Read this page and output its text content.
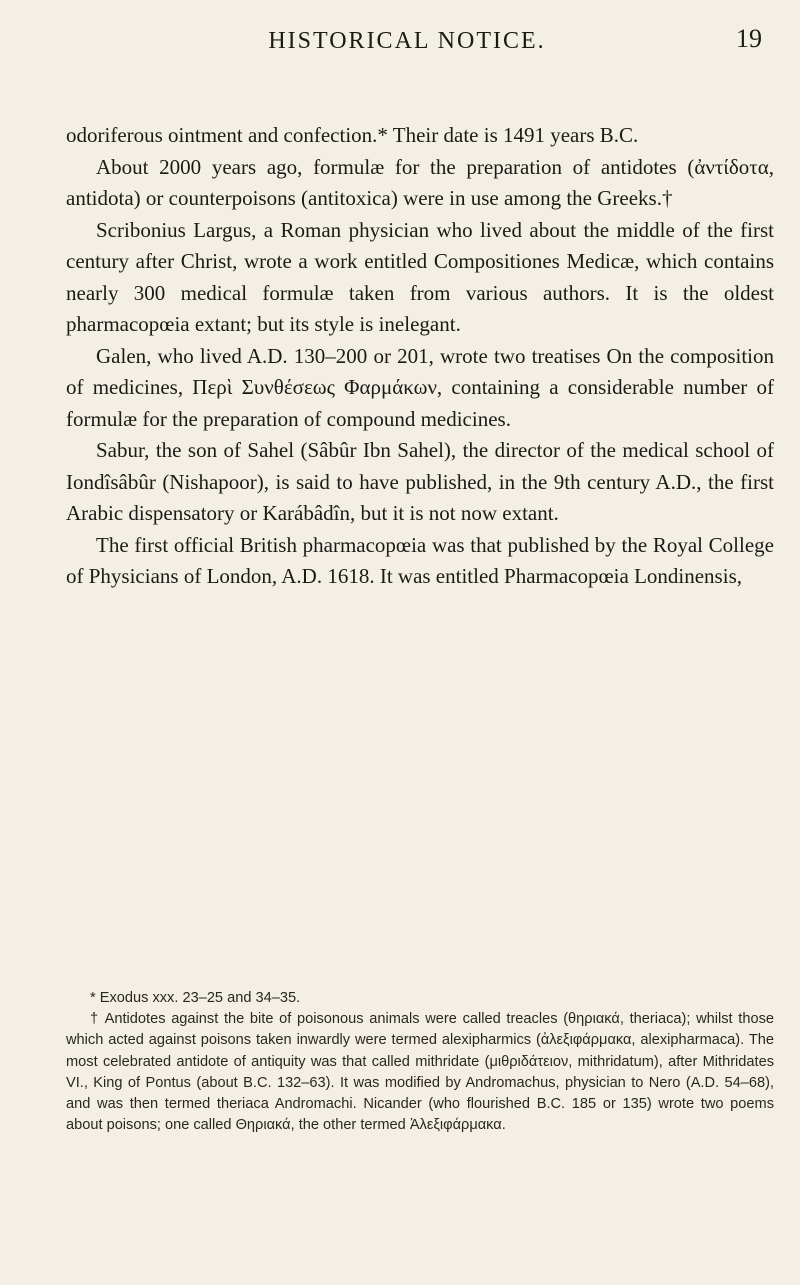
HISTORICAL NOTICE.	19

odoriferous ointment and confection.* Their date is 1491 years B.C.

About 2000 years ago, formulæ for the preparation of antidotes (ἀντίδοτα, antidota) or counterpoisons (antitoxica) were in use among the Greeks.†

Scribonius Largus, a Roman physician who lived about the middle of the first century after Christ, wrote a work entitled Compositiones Medicæ, which contains nearly 300 medical formulæ taken from various authors. It is the oldest pharmacopœia extant; but its style is inelegant.

Galen, who lived A.D. 130–200 or 201, wrote two treatises On the composition of medicines, Περὶ Συνθέσεως Φαρμάκων, containing a considerable number of formulæ for the preparation of compound medicines.

Sabur, the son of Sahel (Sâbûr Ibn Sahel), the director of the medical school of Iondîsâbûr (Nishapoor), is said to have published, in the 9th century A.D., the first Arabic dispensatory or Karábâdîn, but it is not now extant.

The first official British pharmacopœia was that published by the Royal College of Physicians of London, A.D. 1618. It was entitled Pharmacopœia Londinensis,

* Exodus xxx. 23–25 and 34–35.

† Antidotes against the bite of poisonous animals were called treacles (θηριακά, theriaca); whilst those which acted against poisons taken inwardly were termed alexipharmics (ἀλεξιφάρμακα, alexipharmaca). The most celebrated antidote of antiquity was that called mithridate (μιθριδάτειον, mithridatum), after Mithridates VI., King of Pontus (about B.C. 132–63). It was modified by Andromachus, physician to Nero (A.D. 54–68), and was then termed theriaca Andromachi. Nicander (who flourished B.C. 185 or 135) wrote two poems about poisons; one called Θηριακά, the other termed Ἀλεξιφάρμακα.
